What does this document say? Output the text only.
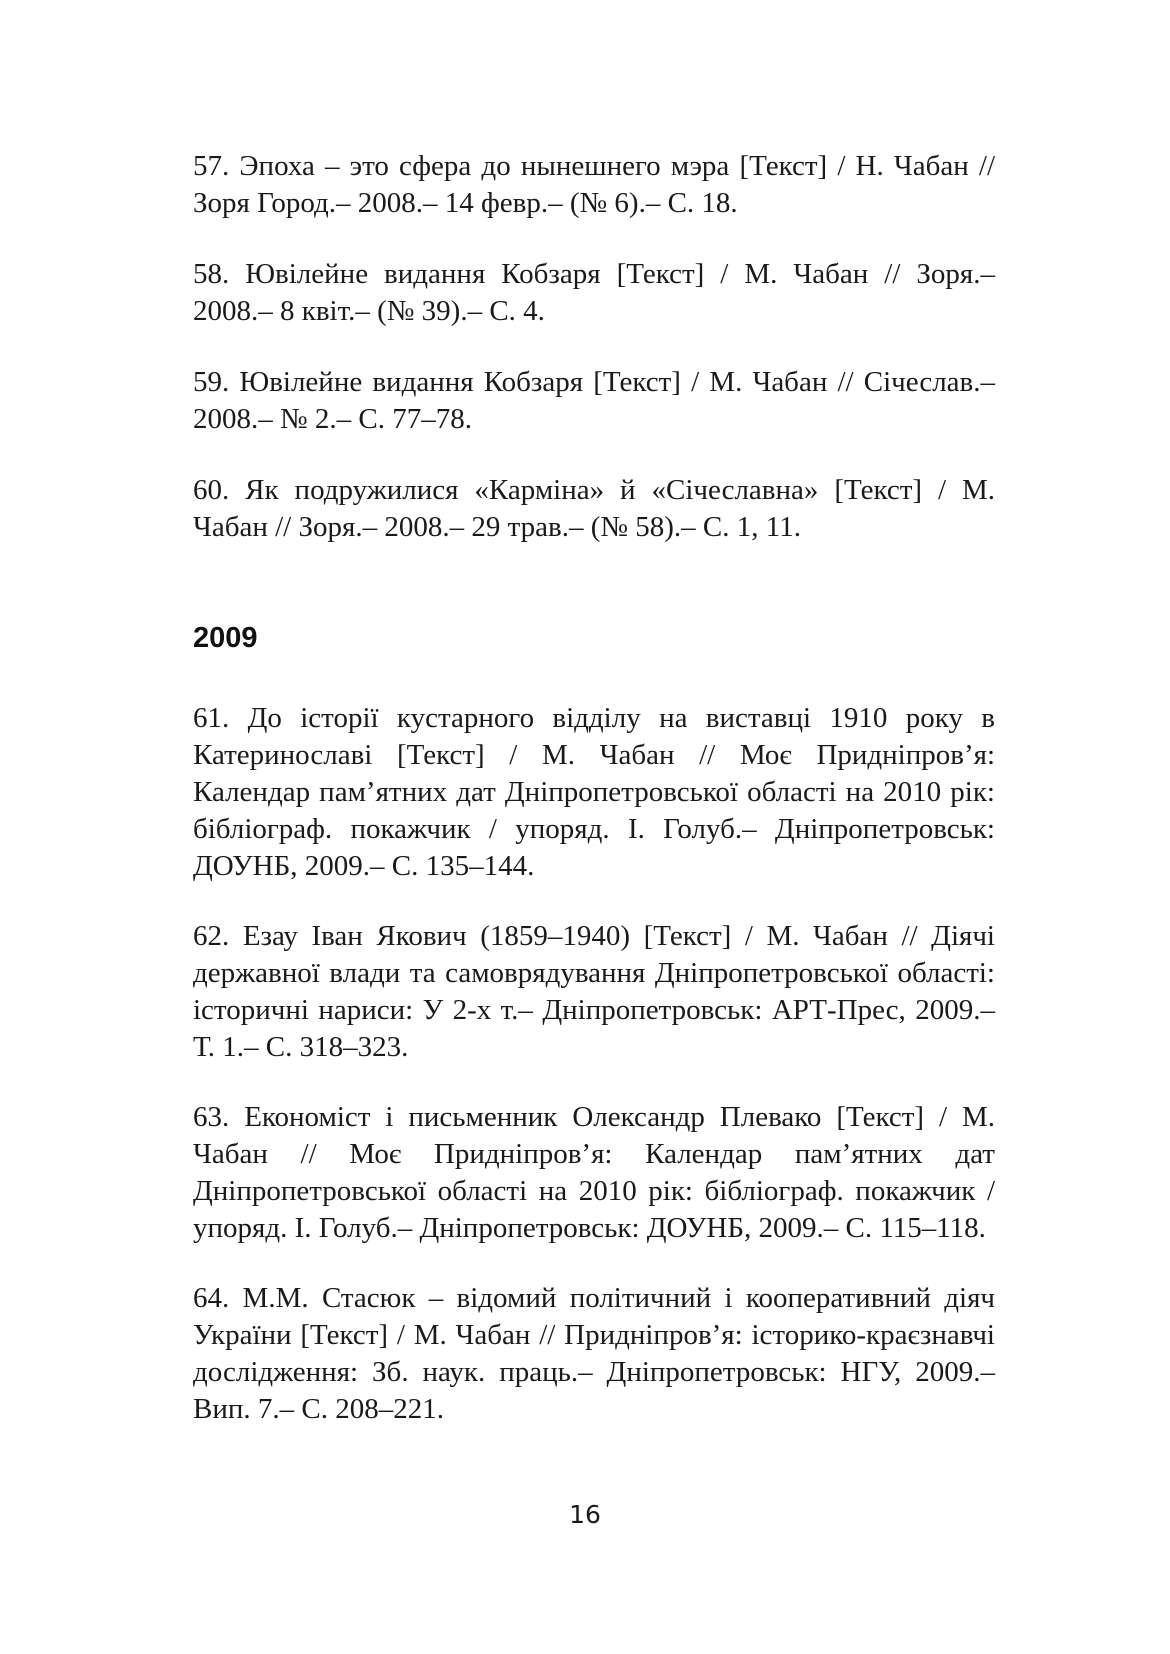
57. Эпоха – это сфера до нынешнего мэра [Текст] / Н. Чабан // Зоря Город.– 2008.– 14 февр.– (№ 6).– С. 18.

58. Ювілейне видання Кобзаря [Текст] / М. Чабан // Зоря.– 2008.– 8 квіт.– (№ 39).– С. 4.

59. Ювілейне видання Кобзаря [Текст] / М. Чабан // Січеслав.– 2008.– № 2.– С. 77–78.

60. Як подружилися «Карміна» й «Січеславна» [Текст] / М. Чабан // Зоря.– 2008.– 29 трав.– (№ 58).– С. 1, 11.

2009

61. До історії кустарного відділу на виставці 1910 року в Катеринославі [Текст] / М. Чабан // Моє Придніпров’я: Календар пам’ятних дат Дніпропетровської області на 2010 рік: бібліограф. покажчик / упоряд. І. Голуб.– Дніпропетровськ: ДОУНБ, 2009.– С. 135–144.

62. Езау Іван Якович (1859–1940) [Текст] / М. Чабан // Діячі державної влади та самоврядування Дніпропетровської області: історичні нариси: У 2-х т.– Дніпропетровськ: АРТ-Прес, 2009.– Т. 1.– С. 318–323.

63. Економіст і письменник Олександр Плевако [Текст] / М. Чабан // Моє Придніпров’я: Календар пам’ятних дат Дніпропетровської області на 2010 рік: бібліограф. покажчик / упоряд. І. Голуб.– Дніпропетровськ: ДОУНБ, 2009.– С. 115–118.

64. М.М. Стасюк – відомий політичний і кооперативний діяч України [Текст] / М. Чабан // Придніпров’я: історико-краєзнавчі дослідження: Зб. наук. праць.– Дніпропетровськ: НГУ, 2009.– Вип. 7.– С. 208–221.

16
